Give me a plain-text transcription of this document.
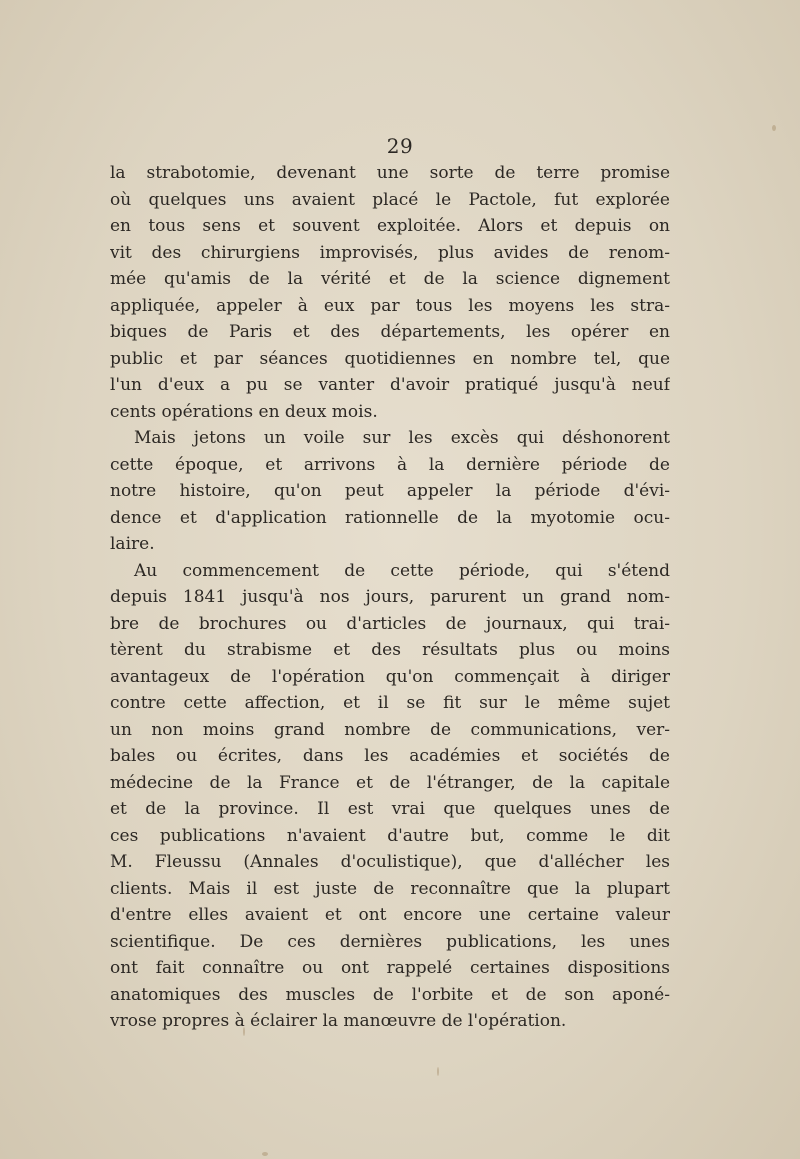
29
la strabotomie, devenant une sorte de terre promise
où quelques uns avaient placé le Pactole, fut explorée
en tous sens et souvent exploitée. Alors et depuis on
vit des chirurgiens improvisés, plus avides de renom-
mée qu'amis de la vérité et de la science dignement
appliquée, appeler à eux par tous les moyens les stra-
biques de Paris et des départements, les opérer en
public et par séances quotidiennes en nombre tel, que
l'un d'eux a pu se vanter d'avoir pratiqué jusqu'à neuf
cents opérations en deux mois.
Mais jetons un voile sur les excès qui déshonorent
cette époque, et arrivons à la dernière période de
notre histoire, qu'on peut appeler la période d'évi-
dence et d'application rationnelle de la myotomie ocu-
laire.
Au commencement de cette période, qui s'étend
depuis 1841 jusqu'à nos jours, parurent un grand nom-
bre de brochures ou d'articles de journaux, qui trai-
tèrent du strabisme et des résultats plus ou moins
avantageux de l'opération qu'on commençait à diriger
contre cette affection, et il se fit sur le même sujet
un non moins grand nombre de communications, ver-
bales ou écrites, dans les académies et sociétés de
médecine de la France et de l'étranger, de la capitale
et de la province. Il est vrai que quelques unes de
ces publications n'avaient d'autre but, comme le dit
M. Fleussu (Annales d'oculistique), que d'allécher les
clients. Mais il est juste de reconnaître que la plupart
d'entre elles avaient et ont encore une certaine valeur
scientifique. De ces dernières publications, les unes
ont fait connaître ou ont rappelé certaines dispositions
anatomiques des muscles de l'orbite et de son aponé-
vrose propres à éclairer la manœuvre de l'opération.
